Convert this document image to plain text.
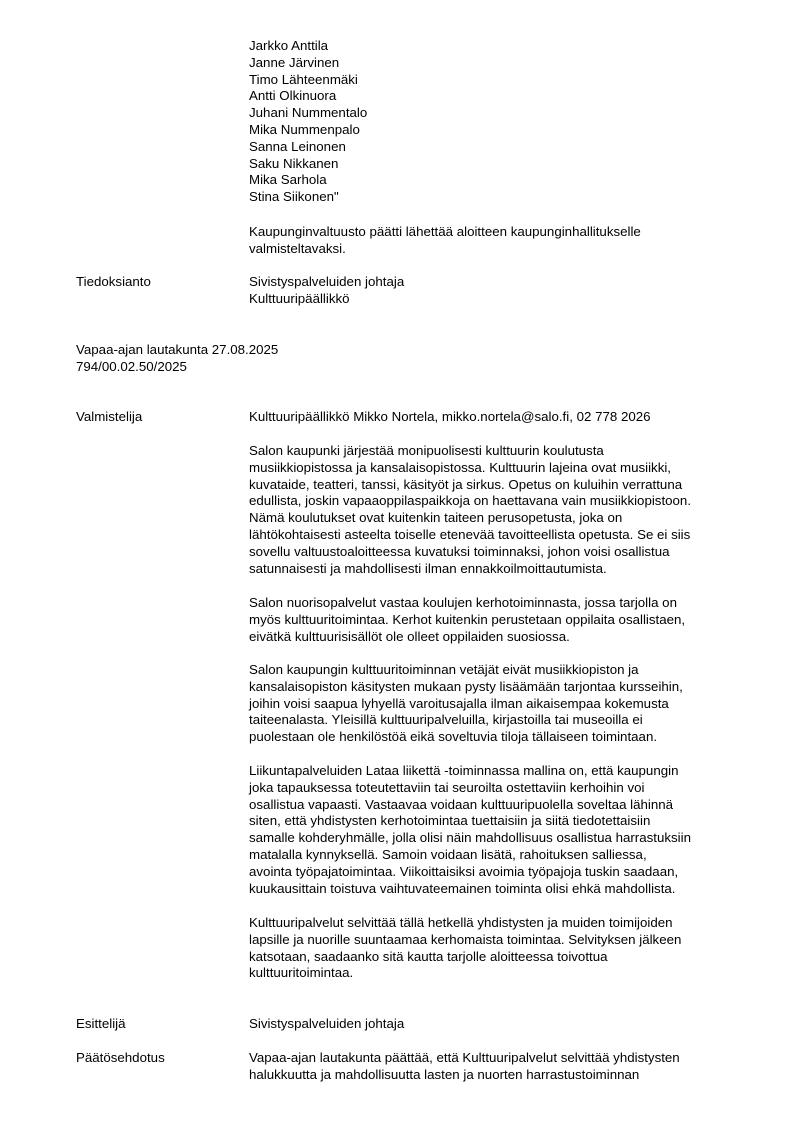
Jarkko Anttila
Janne Järvinen
Timo Lähteenmäki
Antti Olkinuora
Juhani Nummentalo
Mika Nummenpalo
Sanna Leinonen
Saku Nikkanen
Mika Sarhola
Stina Siikonen"
Kaupunginvaltuusto päätti lähettää aloitteen kaupunginhallitukselle
valmisteltavaksi.
Tiedoksianto	Sivistyspalveluiden johtaja
Kulttuuripäällikkö
Vapaa-ajan lautakunta 27.08.2025
794/00.02.50/2025
Valmistelija	Kulttuuripäällikkö Mikko Nortela, mikko.nortela@salo.fi, 02 778 2026
Salon kaupunki järjestää monipuolisesti kulttuurin koulutusta
musiikkiopistossa ja kansalaisopistossa. Kulttuurin lajeina ovat musiikki,
kuvataide, teatteri, tanssi, käsityöt ja sirkus. Opetus on kuluihin verrattuna
edullista, joskin vapaaoppilaspaikkoja on haettavana vain musiikkiopistoon.
Nämä koulutukset ovat kuitenkin taiteen perusopetusta, joka on
lähtökohtaisesti asteelta toiselle etenevää tavoitteellista opetusta. Se ei siis
sovellu valtuustoaloitteessa kuvatuksi toiminnaksi, johon voisi osallistua
satunnaisesti ja mahdollisesti ilman ennakkoilmoittautumista.
Salon nuorisopalvelut vastaa koulujen kerhotoiminnasta, jossa tarjolla on
myös kulttuuritoimintaa. Kerhot kuitenkin perustetaan oppilaita osallistaen,
eivätkä kulttuurisisällöt ole olleet oppilaiden suosiossa.
Salon kaupungin kulttuuritoiminnan vetäjät eivät musiikkiopiston ja
kansalaisopiston käsitysten mukaan pysty lisäämään tarjontaa kursseihin,
joihin voisi saapua lyhyellä varoitusajalla ilman aikaisempaa kokemusta
taiteenalasta. Yleisillä kulttuuripalveluilla, kirjastoilla tai museoilla ei
puolestaan ole henkilöstöä eikä soveltuvia tiloja tällaiseen toimintaan.
Liikuntapalveluiden Lataa liikettä -toiminnassa mallina on, että kaupungin
joka tapauksessa toteutettaviin tai seuroilta ostettaviin kerhoihin voi
osallistua vapaasti. Vastaavaa voidaan kulttuuripuolella soveltaa lähinnä
siten, että yhdistysten kerhotoimintaa tuettaisiin ja siitä tiedotettaisiin
samalle kohderyhmälle, jolla olisi näin mahdollisuus osallistua harrastuksiin
matalalla kynnyksellä. Samoin voidaan lisätä, rahoituksen salliessa,
avointa työpajatoimintaa. Viikoittaisiksi avoimia työpajoja tuskin saadaan,
kuukausittain toistuva vaihtuvateemainen toiminta olisi ehkä mahdollista.
Kulttuuripalvelut selvittää tällä hetkellä yhdistysten ja muiden toimijoiden
lapsille ja nuorille suuntaamaa kerhomaista toimintaa. Selvityksen jälkeen
katsotaan, saadaanko sitä kautta tarjolle aloitteessa toivottua
kulttuuritoimintaa.
Esittelijä	Sivistyspalveluiden johtaja
Päätösehdotus	Vapaa-ajan lautakunta päättää, että Kulttuuripalvelut selvittää yhdistysten
halukkuutta ja mahdollisuutta lasten ja nuorten harrastustoiminnan
